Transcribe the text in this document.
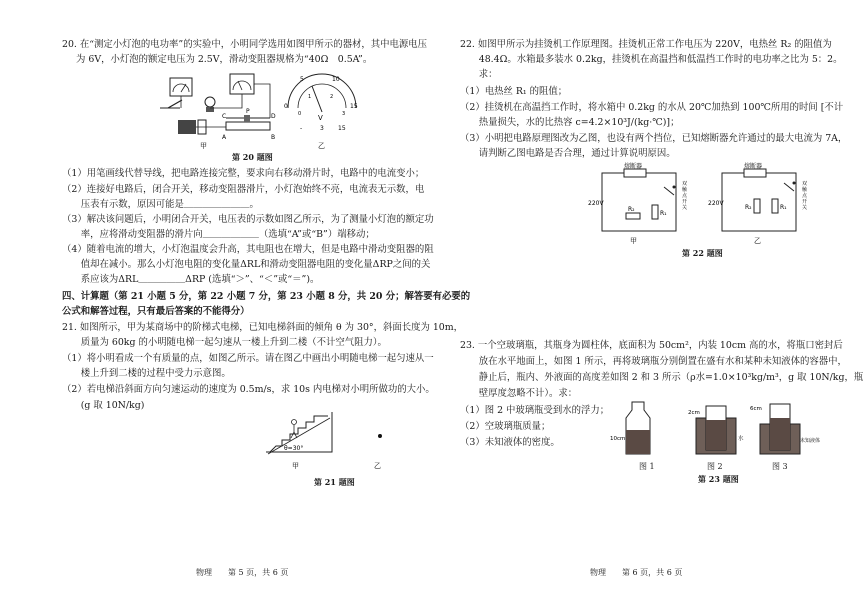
20. 在“测定小灯泡的电功率”的实验中，小明同学选用如图甲所示的器材，其中电源电压
为 6V，小灯泡的额定电压为 2.5V，滑动变阻器规格为“40Ω　0.5A”。
C
P
D
A	B
甲
5	10
0	15
0
1	2
3
V
-	3 15
乙
第 20 题图
（1）用笔画线代替导线，把电路连接完整，要求向右移动滑片时，电路中的电流变小；
（2）连接好电路后，闭合开关，移动变阻器滑片，小灯泡始终不亮，电流表无示数，电
　　压表有示数，原因可能是＿＿＿＿＿＿＿。
（3）解决该问题后，小明闭合开关，电压表的示数如图乙所示，为了测量小灯泡的额定功
　　率，应将滑动变阻器的滑片向＿＿＿＿＿＿（选填“A”或“B”）端移动；
（4）随着电流的增大，小灯泡温度会升高，其电阻也在增大，但是电路中滑动变阻器的阻
　　值却在减小。那么小灯泡电阻的变化量ΔRL和滑动变阻器电阻的变化量ΔRP之间的关
　　系应该为ΔRL＿＿＿＿＿ΔRP (选填“＞”、“＜”或“＝”)。
四、计算题（第 21 小题 5 分，第 22 小题 7 分，第 23 小题 8 分，共 20 分；解答要有必要的
公式和解答过程，只有最后答案的不能得分）
21. 如图所示，甲为某商场中的阶梯式电梯，已知电梯斜面的倾角 θ 为 30°，斜面长度为 10m，
　　质量为 60kg 的小明随电梯一起匀速从一楼上升到二楼（不计空气阻力）。
（1）将小明看成一个有质量的点，如图乙所示。请在图乙中画出小明随电梯一起匀速从一
　　楼上升到二楼的过程中受力示意图。
（2）若电梯沿斜面方向匀速运动的速度为 0.5m/s，求 10s 内电梯对小明所做功的大小。
　　(g 取 10N/kg)
θ=30°
甲	乙
第 21 题图
物理　　第 5 页，共 6 页
22. 如图甲所示为挂烫机工作原理图。挂烫机正常工作电压为 220V，电热丝 R₂ 的阻值为
　　48.4Ω。水箱最多装水 0.2kg，挂烫机在高温挡和低温挡工作时的电功率之比为 5：2。
　　求：
（1）电热丝 R₁ 的阻值；
（2）挂烫机在高温挡工作时，将水箱中 0.2kg 的水从 20℃加热到 100℃所用的时间 [不计
　　热量损失，水的比热容 c=4.2×10³J/(kg·℃)]；
（3）小明把电路原理图改为乙图，也设有两个挡位，已知熔断器允许通过的最大电流为 7A，
　　请判断乙图电路是否合理，通过计算说明原因。
熔断器
220V
R₂
R₁
双
触
点
开
关
甲
熔断器
220V
R₂	R₁
双
触
点
开
关
乙
第 22 题图
23. 一个空玻璃瓶，其瓶身为圆柱体，底面积为 50cm²，内装 10cm 高的水，将瓶口密封后
　　放在水平地面上，如图 1 所示，再将玻璃瓶分别倒置在盛有水和某种未知液体的容器中，
　　静止后，瓶内、外液面的高度差如图 2 和 3 所示（ρ水=1.0×10³kg/m³，g 取 10N/kg，瓶
　　壁厚度忽略不计）。求：
（1）图 2 中玻璃瓶受到水的浮力；
（2）空玻璃瓶质量；
（3）未知液体的密度。	10cm
2cm
水
6cm
未知液体
图 1	图 2	图 3
第 23 题图
物理　　第 6 页，共 6 页
